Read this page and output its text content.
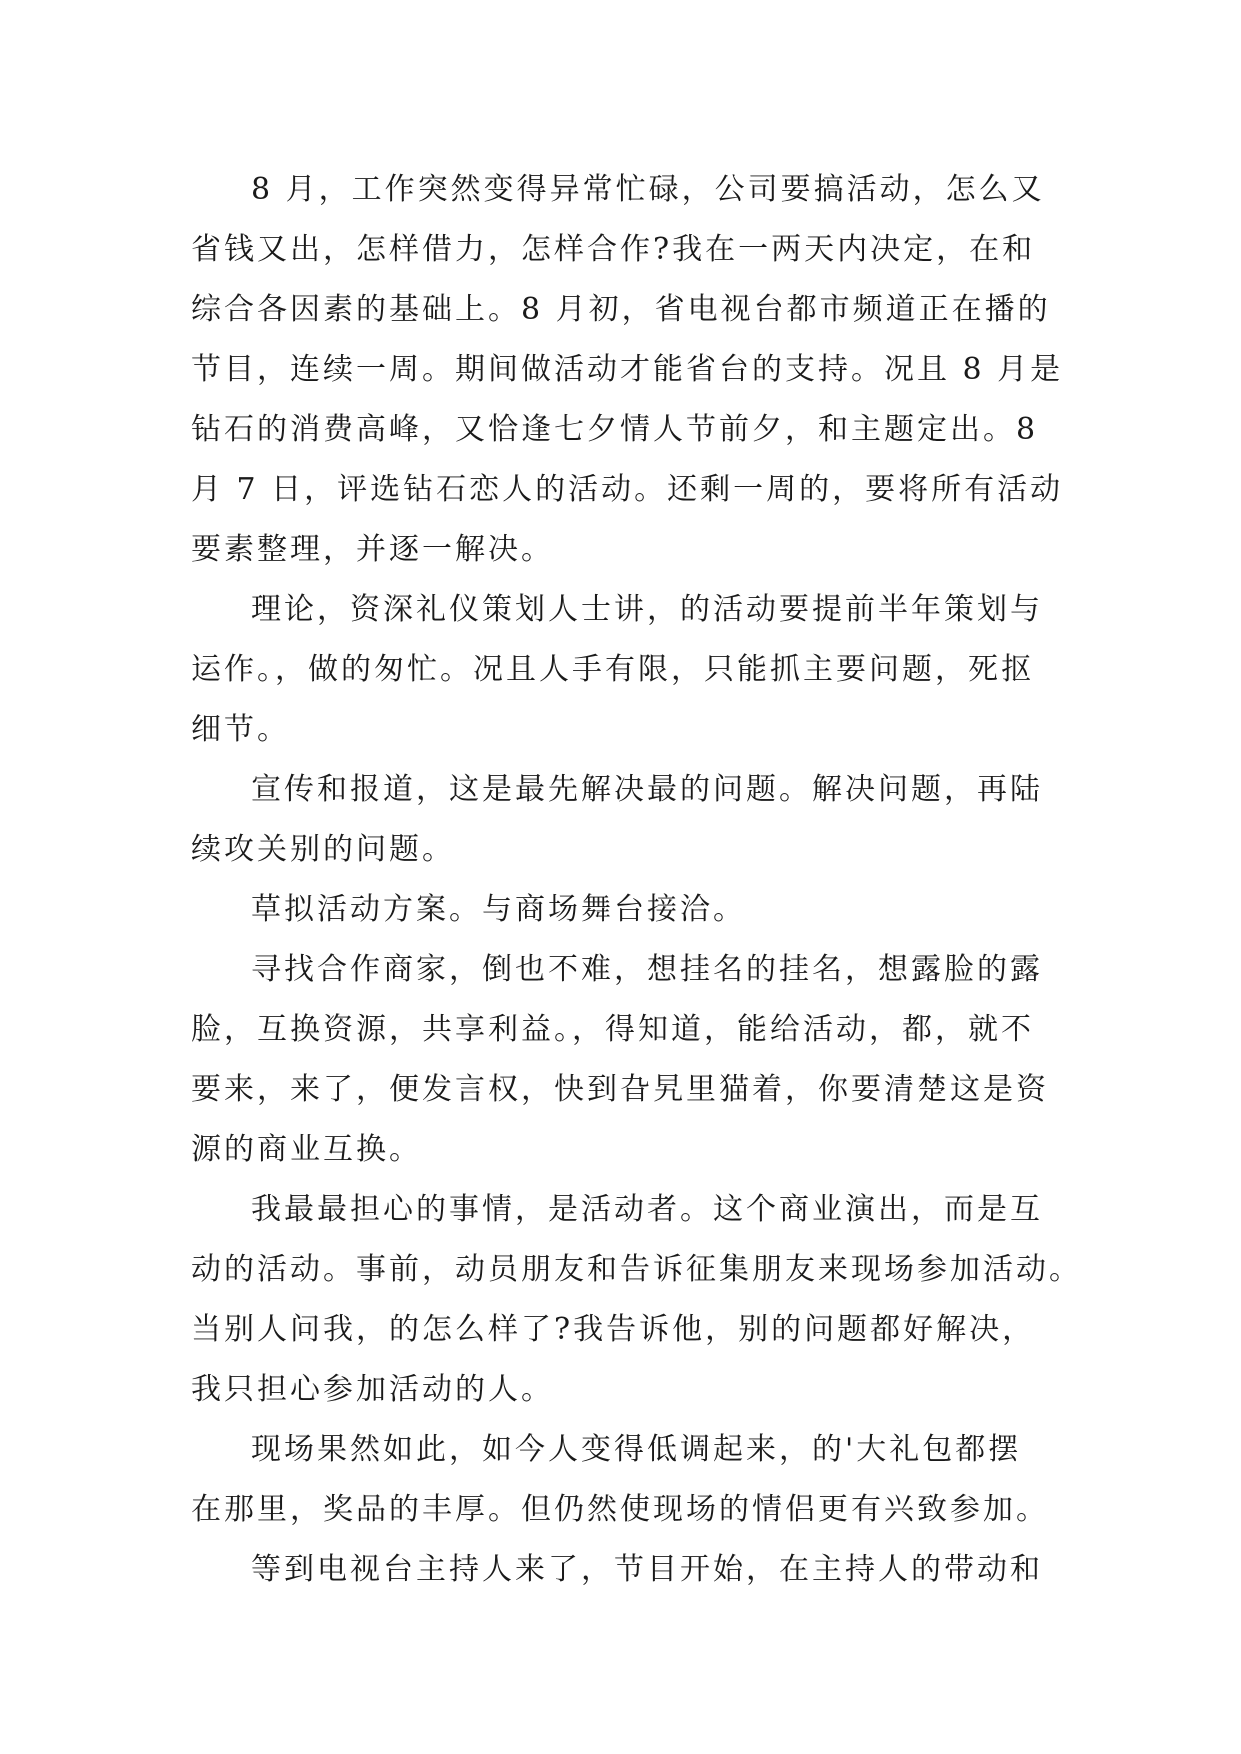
8 月，工作突然变得异常忙碌，公司要搞活动，怎么又
省钱又出，怎样借力，怎样合作?我在一两天内决定，在和
综合各因素的基础上。8 月初，省电视台都市频道正在播的
节目，连续一周。期间做活动才能省台的支持。况且 8 月是
钻石的消费高峰，又恰逢七夕情人节前夕，和主题定出。8
月 7 日，评选钻石恋人的活动。还剩一周的，要将所有活动
要素整理，并逐一解决。
理论，资深礼仪策划人士讲，的活动要提前半年策划与
运作。，做的匆忙。况且人手有限，只能抓主要问题，死抠
细节。
宣传和报道，这是最先解决最的问题。解决问题，再陆
续攻关别的问题。
草拟活动方案。与商场舞台接洽。
寻找合作商家，倒也不难，想挂名的挂名，想露脸的露
脸，互换资源，共享利益。，得知道，能给活动，都，就不
要来，来了，便发言权，快到旮旯里猫着，你要清楚这是资
源的商业互换。
我最最担心的事情，是活动者。这个商业演出，而是互
动的活动。事前，动员朋友和告诉征集朋友来现场参加活动。
当别人问我，的怎么样了?我告诉他，别的问题都好解决，
我只担心参加活动的人。
现场果然如此，如今人变得低调起来，的'大礼包都摆
在那里，奖品的丰厚。但仍然使现场的情侣更有兴致参加。
等到电视台主持人来了，节目开始，在主持人的带动和
